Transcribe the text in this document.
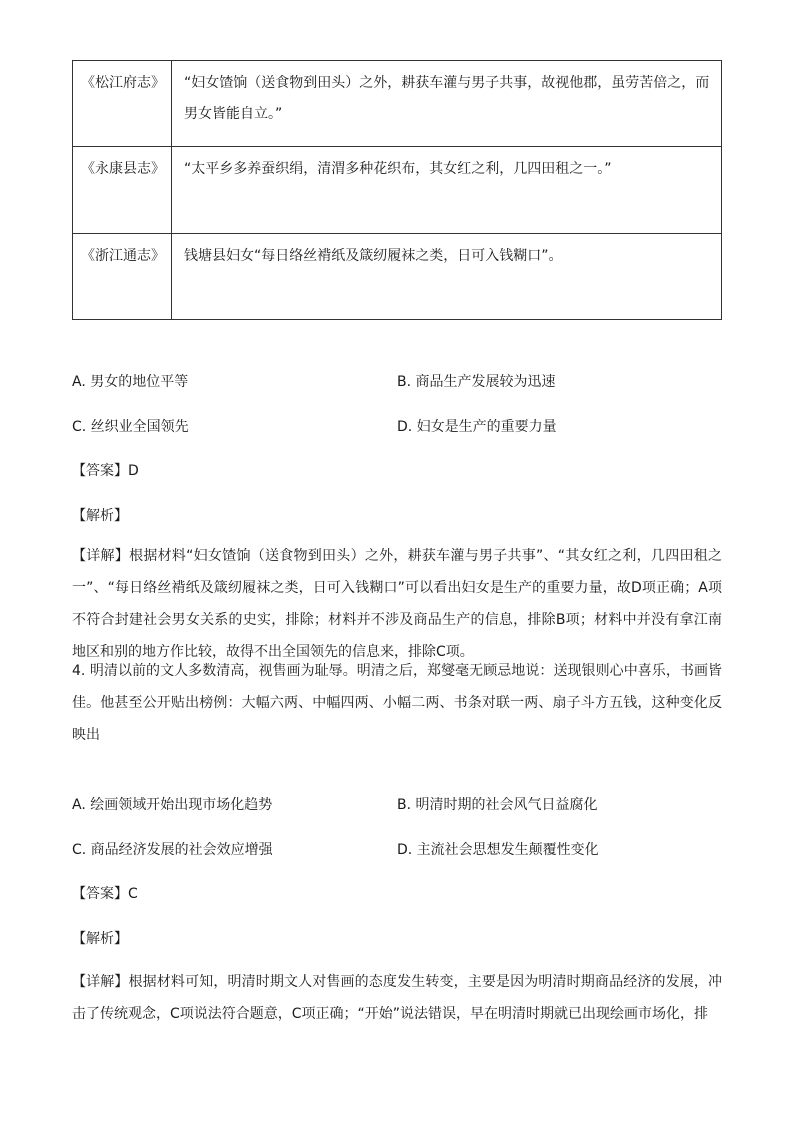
《松江府志》	“妇女馇饷（送食物到田头）之外，耕获车灌与男子共事，故视他郡，虽劳苦倍之，而男女皆能自立。”
《永康县志》	“太平乡多养蚕织绢，清渭多种花织布，其女红之利，几四田租之一。”
《浙江通志》	钱塘县妇女“每日络丝褙纸及箴纫履袜之类，日可入钱糊口”。
A. 男女的地位平等	B. 商品生产发展较为迅速
C. 丝织业全国领先	D. 妇女是生产的重要力量
【答案】D
【解析】
【详解】根据材料“妇女馇饷（送食物到田头）之外，耕获车灌与男子共事”、“其女红之利，几四田租之一”、“每日络丝褙纸及箴纫履袜之类，日可入钱糊口”可以看出妇女是生产的重要力量，故D项正确；A项不符合封建社会男女关系的史实，排除；材料并不涉及商品生产的信息，排除B项；材料中并没有拿江南地区和别的地方作比较，故得不出全国领先的信息来，排除C项。
4. 明清以前的文人多数清高，视售画为耻辱。明清之后，郑燮毫无顾忌地说：送现银则心中喜乐，书画皆佳。他甚至公开贴出榜例：大幅六两、中幅四两、小幅二两、书条对联一两、扇子斗方五钱，这种变化反映出
A. 绘画领域开始出现市场化趋势	B. 明清时期的社会风气日益腐化
C. 商品经济发展的社会效应增强	D. 主流社会思想发生颠覆性变化
【答案】C
【解析】
【详解】根据材料可知，明清时期文人对售画的态度发生转变，主要是因为明清时期商品经济的发展，冲击了传统观念，C项说法符合题意，C项正确；“开始”说法错误，早在明清时期就已出现绘画市场化，排
